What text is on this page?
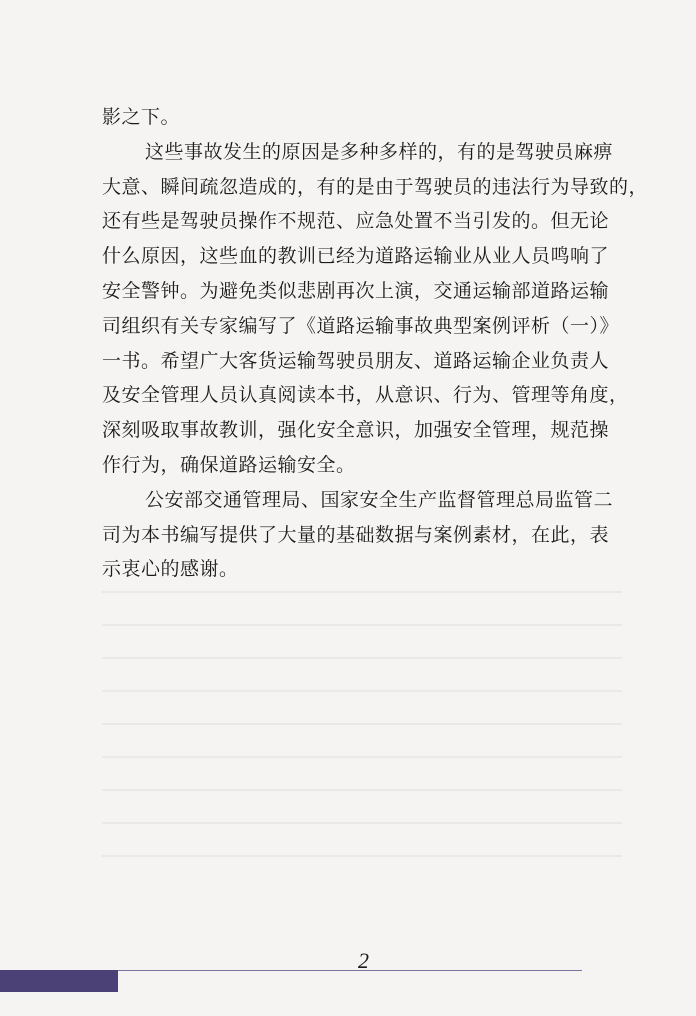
影之下。
这些事故发生的原因是多种多样的，有的是驾驶员麻痹
大意、瞬间疏忽造成的，有的是由于驾驶员的违法行为导致的，
还有些是驾驶员操作不规范、应急处置不当引发的。但无论
什么原因，这些血的教训已经为道路运输业从业人员鸣响了
安全警钟。为避免类似悲剧再次上演，交通运输部道路运输
司组织有关专家编写了《道路运输事故典型案例评析（一）》
一书。希望广大客货运输驾驶员朋友、道路运输企业负责人
及安全管理人员认真阅读本书，从意识、行为、管理等角度，
深刻吸取事故教训，强化安全意识，加强安全管理，规范操
作行为，确保道路运输安全。
公安部交通管理局、国家安全生产监督管理总局监管二
司为本书编写提供了大量的基础数据与案例素材，在此，表
示衷心的感谢。
2
